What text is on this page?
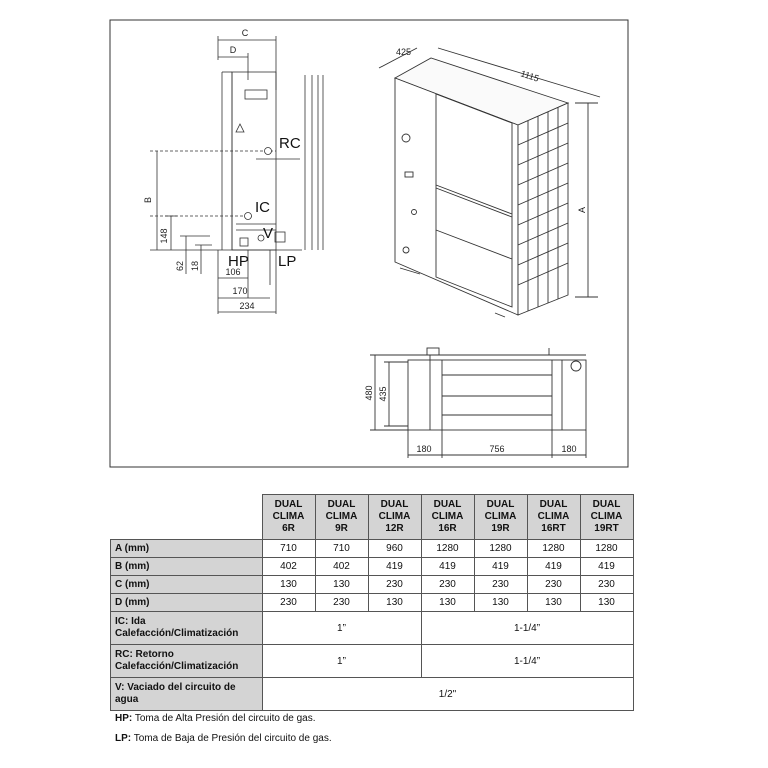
C
D
B
148
62 18
106
170
234
RC
IC
V
HP LP
425
1115
A
480 435
180	756	180

	DUAL
CLIMA
6R	DUAL
CLIMA
9R	DUAL
CLIMA
12R	DUAL
CLIMA
16R	DUAL
CLIMA
19R	DUAL
CLIMA
16RT	DUAL
CLIMA
19RT

A (mm)	710	710	960	1280	1280	1280	1280
B (mm)	402	402	419	419	419	419	419
C (mm)	130	130	230	230	230	230	230
D (mm)	230	230	130	130	130	130	130
IC: Ida
Calefacción/Climatización	1”			1-1/4”			
RC: Retorno
Calefacción/Climatización	1”			1-1/4”			
V: Vaciado del circuito de
agua	1/2"						
HP: Toma de Alta Presión del circuito de gas.
LP: Toma de Baja de Presión del circuito de gas.
